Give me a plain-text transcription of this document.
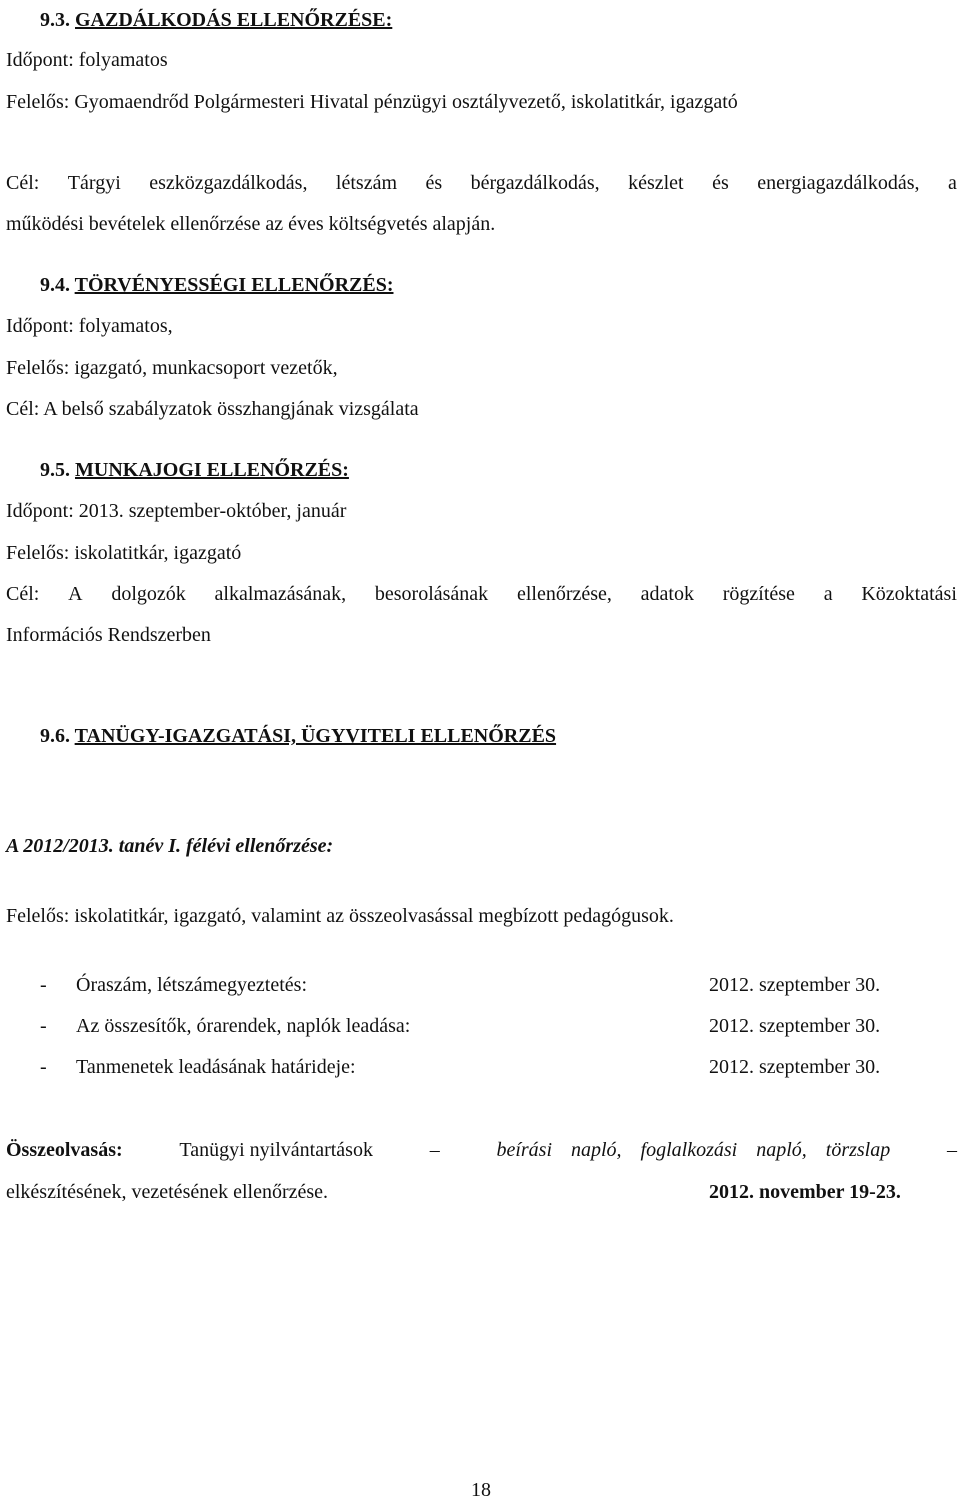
9.3. GAZDÁLKODÁS ELLENŐRZÉSE:
Időpont: folyamatos
Felelős: Gyomaendrőd Polgármesteri Hivatal pénzügyi osztályvezető, iskolatitkár, igazgató
Cél: Tárgyi eszközgazdálkodás, létszám és bérgazdálkodás, készlet és energiagazdálkodás, a
működési bevételek ellenőrzése az éves költségvetés alapján.
9.4. TÖRVÉNYESSÉGI ELLENŐRZÉS:
Időpont: folyamatos,
Felelős: igazgató, munkacsoport vezetők,
Cél: A belső szabályzatok összhangjának vizsgálata
9.5. MUNKAJOGI ELLENŐRZÉS:
Időpont: 2013. szeptember-október, január
Felelős: iskolatitkár, igazgató
Cél: A dolgozók alkalmazásának, besorolásának ellenőrzése, adatok rögzítése a Közoktatási
Információs Rendszerben
9.6. TANÜGY-IGAZGATÁSI, ÜGYVITELI ELLENŐRZÉS
A 2012/2013. tanév I. félévi ellenőrzése:
Felelős: iskolatitkár, igazgató, valamint az összeolvasással megbízott pedagógusok.
- Óraszám, létszámegyeztetés:	2012. szeptember 30.
- Az összesítők, órarendek, naplók leadása:	2012. szeptember 30.
- Tanmenetek leadásának határideje:	2012. szeptember 30.
Összeolvasás:	Tanügyi nyilvántartások	–	beírási napló, foglalkozási napló, törzslap	–
elkészítésének, vezetésének ellenőrzése.	2012. november 19-23.
18
